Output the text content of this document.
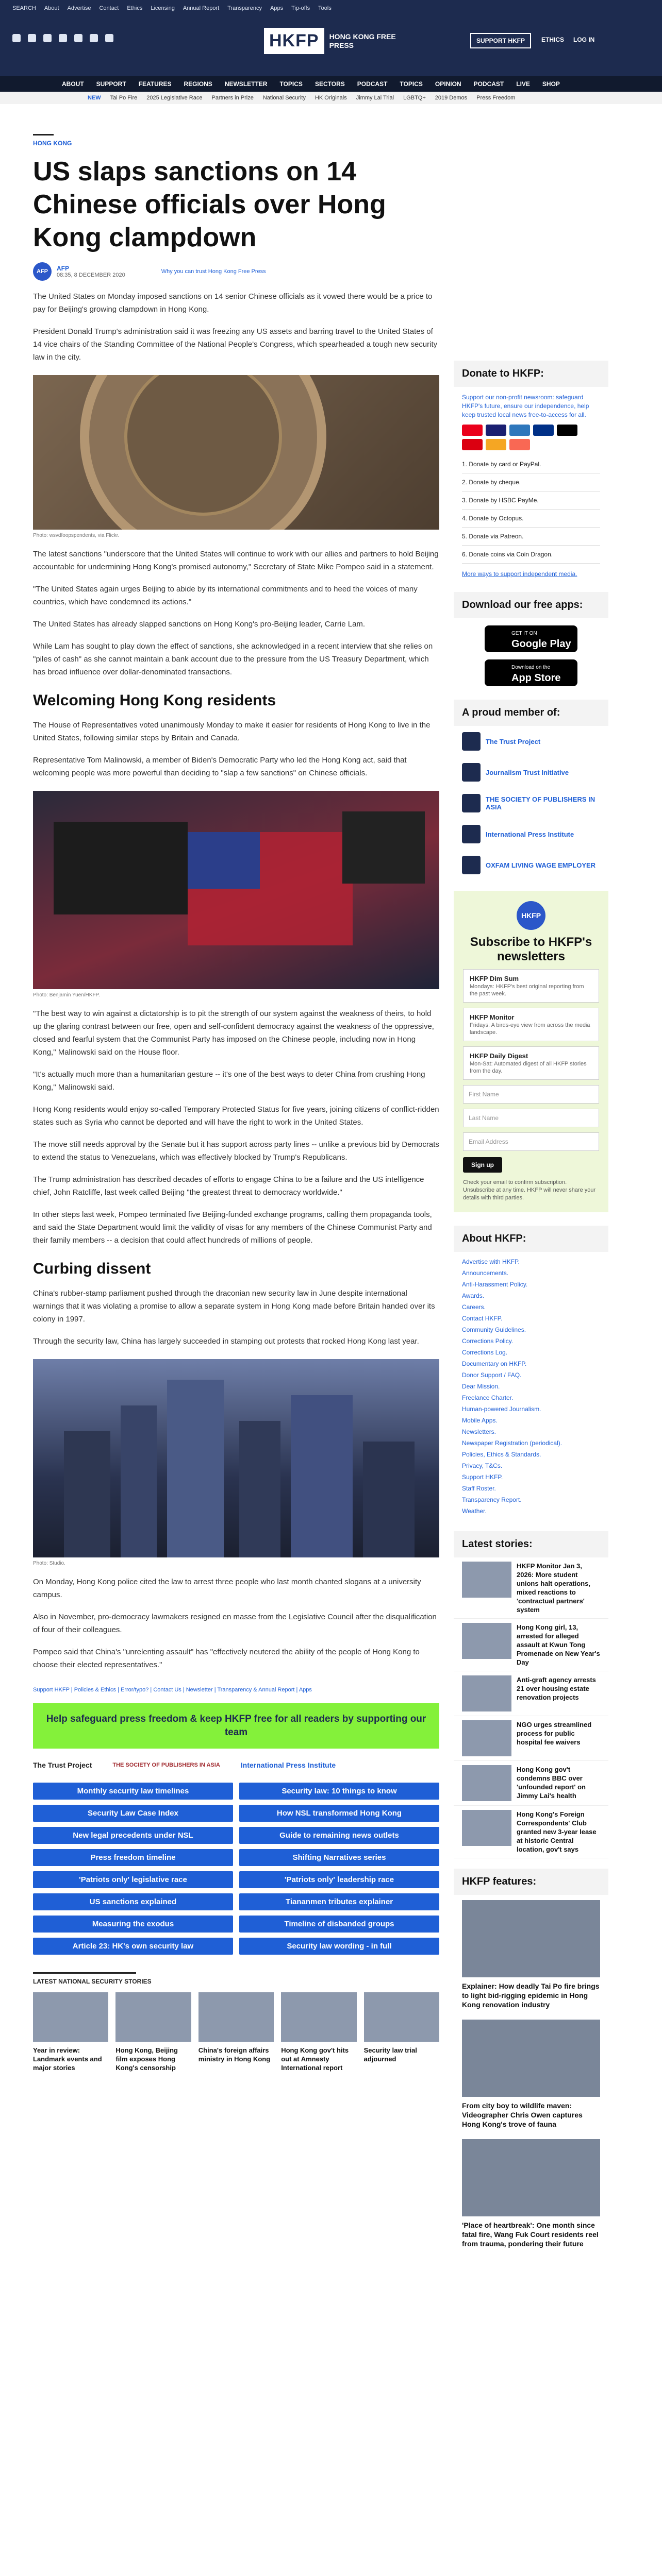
SEARCH About Advertise Contact Ethics Licensing Annual Report Transparency Apps Tip-offs Tools
HKFP	HONG KONG FREE PRESS
SUPPORT HKFP	ETHICS LOG IN
ABOUT SUPPORT FEATURES REGIONS NEWSLETTER TOPICS SECTORS PODCAST TOPICS OPINION PODCAST LIVE SHOP
NEW Tai Po Fire 2025 Legislative Race Partners in Prize National Security HK Originals Jimmy Lai Trial LGBTQ+ 2019 Demos Press Freedom
HONG KONG
US slaps sanctions on 14 Chinese officials over Hong Kong clampdown
AFP	AFP
08:35, 8 DECEMBER 2020
Why you can trust Hong Kong Free Press

The United States on Monday imposed sanctions on 14 senior Chinese officials as it vowed there would be a price to pay for Beijing's growing clampdown in Hong Kong.

President Donald Trump's administration said it was freezing any US assets and barring travel to the United States of 14 vice chairs of the Standing Committee of the National People's Congress, which spearheaded a tough new security law in the city.

Photo: wsvdfoopspendents, via Flickr.

The latest sanctions "underscore that the United States will continue to work with our allies and partners to hold Beijing accountable for undermining Hong Kong's promised autonomy," Secretary of State Mike Pompeo said in a statement.

"The United States again urges Beijing to abide by its international commitments and to heed the voices of many countries, which have condemned its actions."

The United States has already slapped sanctions on Hong Kong's pro-Beijing leader, Carrie Lam.

While Lam has sought to play down the effect of sanctions, she acknowledged in a recent interview that she relies on "piles of cash" as she cannot maintain a bank account due to the pressure from the US Treasury Department, which has broad influence over dollar-denominated transactions.

Welcoming Hong Kong residents

The House of Representatives voted unanimously Monday to make it easier for residents of Hong Kong to live in the United States, following similar steps by Britain and Canada.

Representative Tom Malinowski, a member of Biden's Democratic Party who led the Hong Kong act, said that welcoming people was more powerful than deciding to "slap a few sanctions" on Chinese officials.

Photo: Benjamin Yuen/HKFP.

"The best way to win against a dictatorship is to pit the strength of our system against the weakness of theirs, to hold up the glaring contrast between our free, open and self-confident democracy against the weakness of the oppressive, closed and fearful system that the Communist Party has imposed on the Chinese people, including now in Hong Kong," Malinowski said on the House floor.

"It's actually much more than a humanitarian gesture -- it's one of the best ways to deter China from crushing Hong Kong," Malinowski said.

Hong Kong residents would enjoy so-called Temporary Protected Status for five years, joining citizens of conflict-ridden states such as Syria who cannot be deported and will have the right to work in the United States.

The move still needs approval by the Senate but it has support across party lines -- unlike a previous bid by Democrats to extend the status to Venezuelans, which was effectively blocked by Trump's Republicans.

The Trump administration has described decades of efforts to engage China to be a failure and the US intelligence chief, John Ratcliffe, last week called Beijing "the greatest threat to democracy worldwide."

In other steps last week, Pompeo terminated five Beijing-funded exchange programs, calling them propaganda tools, and said the State Department would limit the validity of visas for any members of the Chinese Communist Party and their family members -- a decision that could affect hundreds of millions of people.

Curbing dissent

China's rubber-stamp parliament pushed through the draconian new security law in June despite international warnings that it was violating a promise to allow a separate system in Hong Kong made before Britain handed over its colony in 1997.

Through the security law, China has largely succeeded in stamping out protests that rocked Hong Kong last year.

Photo: Studio.

On Monday, Hong Kong police cited the law to arrest three people who last month chanted slogans at a university campus.

Also in November, pro-democracy lawmakers resigned en masse from the Legislative Council after the disqualification of four of their colleagues.

Pompeo said that China's "unrelenting assault" has "effectively neutered the ability of the people of Hong Kong to choose their elected representatives."

Support HKFP | Policies & Ethics | Error/typo? | Contact Us | Newsletter | Transparency & Annual Report | Apps
Help safeguard press freedom & keep HKFP free for all readers by supporting our team
The Trust Project	THE SOCIETY OF PUBLISHERS IN ASIA	International Press Institute
Monthly security law timelines	Security law: 10 things to know
Security Law Case Index	How NSL transformed Hong Kong
New legal precedents under NSL	Guide to remaining news outlets
Press freedom timeline	Shifting Narratives series
'Patriots only' legislative race	'Patriots only' leadership race
US sanctions explained	Tiananmen tributes explainer
Measuring the exodus	Timeline of disbanded groups
Article 23: HK's own security law	Security law wording - in full
LATEST NATIONAL SECURITY STORIES
Year in review: Landmark events and major stories
Hong Kong, Beijing film exposes Hong Kong's censorship
China's foreign affairs ministry in Hong Kong
Hong Kong gov't hits out at Amnesty International report
Security law trial adjourned
Donate to HKFP:
Support our non-profit newsroom: safeguard HKFP's future, ensure our independence, help keep trusted local news free-to-access for all.
1. Donate by card or PayPal.
2. Donate by cheque.
3. Donate by HSBC PayMe.
4. Donate by Octopus.
5. Donate via Patreon.
6. Donate coins via Coin Dragon.
More ways to support independent media.
Download our free apps:
GET IT ON
Google Play
Download on the
App Store
A proud member of:
The Trust Project
Journalism Trust Initiative
THE SOCIETY OF PUBLISHERS IN ASIA
International Press Institute
OXFAM LIVING WAGE EMPLOYER
HKFP
Subscribe to HKFP's newsletters
HKFP Dim Sum
Mondays: HKFP's best original reporting from the past week.
HKFP Monitor
Fridays: A birds-eye view from across the media landscape.
HKFP Daily Digest
Mon-Sat: Automated digest of all HKFP stories from the day.
First Name
Last Name
Email Address
Sign up
Check your email to confirm subscription. Unsubscribe at any time. HKFP will never share your details with third parties.
About HKFP:
Advertise with HKFP.
Announcements.
Anti-Harassment Policy.
Awards.
Careers.
Contact HKFP.
Community Guidelines.
Corrections Policy.
Corrections Log.
Documentary on HKFP.
Donor Support / FAQ.
Dear Mission.
Freelance Charter.
Human-powered Journalism.
Mobile Apps.
Newsletters.
Newspaper Registration (periodical).
Policies, Ethics & Standards.
Privacy, T&Cs.
Support HKFP.
Staff Roster.
Transparency Report.
Weather.
Latest stories:
HKFP Monitor Jan 3, 2026: More student unions halt operations, mixed reactions to 'contractual partners' system
Hong Kong girl, 13, arrested for alleged assault at Kwun Tong Promenade on New Year's Day
Anti-graft agency arrests 21 over housing estate renovation projects
NGO urges streamlined process for public hospital fee waivers
Hong Kong gov't condemns BBC over 'unfounded report' on Jimmy Lai's health
Hong Kong's Foreign Correspondents' Club granted new 3-year lease at historic Central location, gov't says
HKFP features:
Explainer: How deadly Tai Po fire brings to light bid-rigging epidemic in Hong Kong renovation industry
From city boy to wildlife maven: Videographer Chris Owen captures Hong Kong's trove of fauna
'Place of heartbreak': One month since fatal fire, Wang Fuk Court residents reel from trauma, pondering their future
